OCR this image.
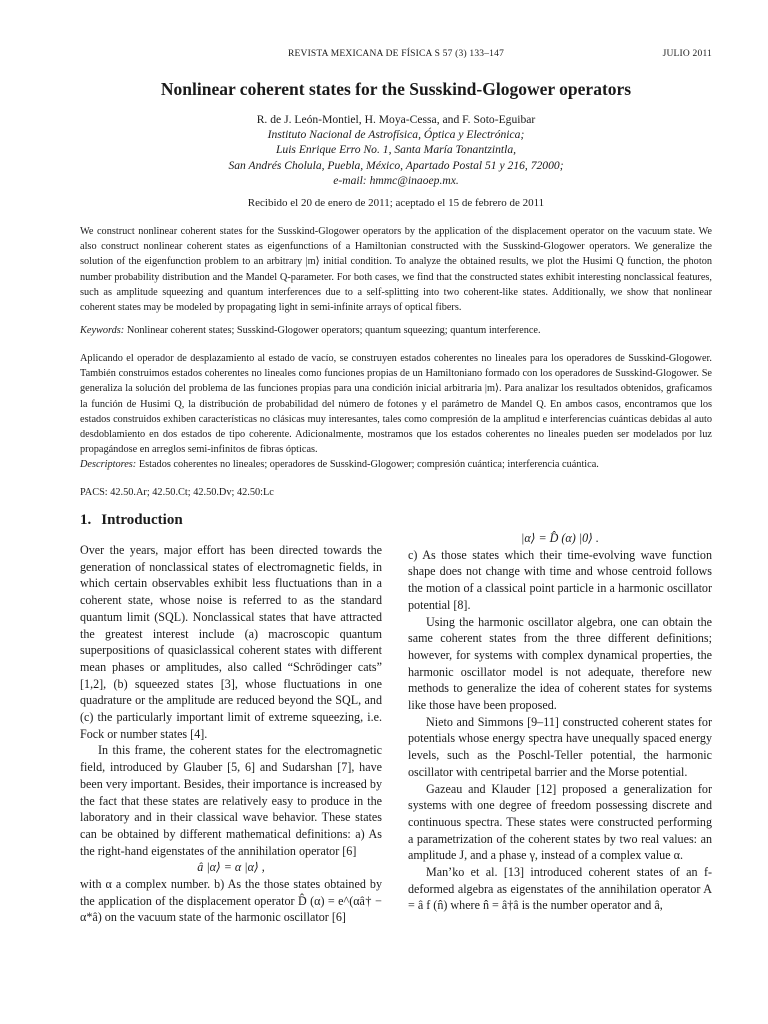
REVISTA MEXICANA DE FÍSICA S 57 (3) 133–147	JULIO 2011
Nonlinear coherent states for the Susskind-Glogower operators
R. de J. León-Montiel, H. Moya-Cessa, and F. Soto-Eguibar
Instituto Nacional de Astrofísica, Óptica y Electrónica;
Luis Enrique Erro No. 1, Santa María Tonantzintla,
San Andrés Cholula, Puebla, México, Apartado Postal 51 y 216, 72000;
e-mail: hmmc@inaoep.mx.
Recibido el 20 de enero de 2011; aceptado el 15 de febrero de 2011
We construct nonlinear coherent states for the Susskind-Glogower operators by the application of the displacement operator on the vacuum state. We also construct nonlinear coherent states as eigenfunctions of a Hamiltonian constructed with the Susskind-Glogower operators. We generalize the solution of the eigenfunction problem to an arbitrary |m⟩ initial condition. To analyze the obtained results, we plot the Husimi Q function, the photon number probability distribution and the Mandel Q-parameter. For both cases, we find that the constructed states exhibit interesting nonclassical features, such as amplitude squeezing and quantum interferences due to a self-splitting into two coherent-like states. Additionally, we show that nonlinear coherent states may be modeled by propagating light in semi-infinite arrays of optical fibers.
Keywords: Nonlinear coherent states; Susskind-Glogower operators; quantum squeezing; quantum interference.
Aplicando el operador de desplazamiento al estado de vacío, se construyen estados coherentes no lineales para los operadores de Susskind-Glogower. También construimos estados coherentes no lineales como funciones propias de un Hamiltoniano formado con los operadores de Susskind-Glogower. Se generaliza la solución del problema de las funciones propias para una condición inicial arbitraria |m⟩. Para analizar los resultados obtenidos, graficamos la función de Husimi Q, la distribución de probabilidad del número de fotones y el parámetro de Mandel Q. En ambos casos, encontramos que los estados construidos exhiben características no clásicas muy interesantes, tales como compresión de la amplitud e interferencias cuánticas debidas al auto desdoblamiento en dos estados de tipo coherente. Adicionalmente, mostramos que los estados coherentes no lineales pueden ser modelados por luz propagándose en arreglos semi-infinitos de fibras ópticas.
Descriptores: Estados coherentes no lineales; operadores de Susskind-Glogower; compresión cuántica; interferencia cuántica.
PACS: 42.50.Ar; 42.50.Ct; 42.50.Dv; 42.50:Lc
1. Introduction

Over the years, major effort has been directed towards the generation of nonclassical states of electromagnetic fields, in which certain observables exhibit less fluctuations than in a coherent state, whose noise is referred to as the standard quantum limit (SQL). Nonclassical states that have attracted the greatest interest include (a) macroscopic quantum superpositions of quasiclassical coherent states with different mean phases or amplitudes, also called “Schrödinger cats” [1,2], (b) squeezed states [3], whose fluctuations in one quadrature or the amplitude are reduced beyond the SQL, and (c) the particularly important limit of extreme squeezing, i.e. Fock or number states [4].

In this frame, the coherent states for the electromagnetic field, introduced by Glauber [5, 6] and Sudarshan [7], have been very important. Besides, their importance is increased by the fact that these states are relatively easy to produce in the laboratory and in their classical wave behavior. These states can be obtained by different mathematical definitions: a) As the right-hand eigenstates of the annihilation operator [6]

â |α⟩ = α |α⟩ ,

with α a complex number. b) As the those states obtained by the application of the displacement operator D̂ (α) = e^(αâ† − α*â) on the vacuum state of the harmonic oscillator [6]

|α⟩ = D̂ (α) |0⟩ .

c) As those states which their time-evolving wave function shape does not change with time and whose centroid follows the motion of a classical point particle in a harmonic oscillator potential [8].

Using the harmonic oscillator algebra, one can obtain the same coherent states from the three different definitions; however, for systems with complex dynamical properties, the harmonic oscillator model is not adequate, therefore new methods to generalize the idea of coherent states for systems like those have been proposed.

Nieto and Simmons [9–11] constructed coherent states for potentials whose energy spectra have unequally spaced energy levels, such as the Poschl-Teller potential, the harmonic oscillator with centripetal barrier and the Morse potential.

Gazeau and Klauder [12] proposed a generalization for systems with one degree of freedom possessing discrete and continuous spectra. These states were constructed performing a parametrization of the coherent states by two real values: an amplitude J, and a phase γ, instead of a complex value α.

Man’ko et al. [13] introduced coherent states of an f-deformed algebra as eigenstates of the annihilation operator A = â f (n̂) where n̂ = â†â is the number operator and â,
